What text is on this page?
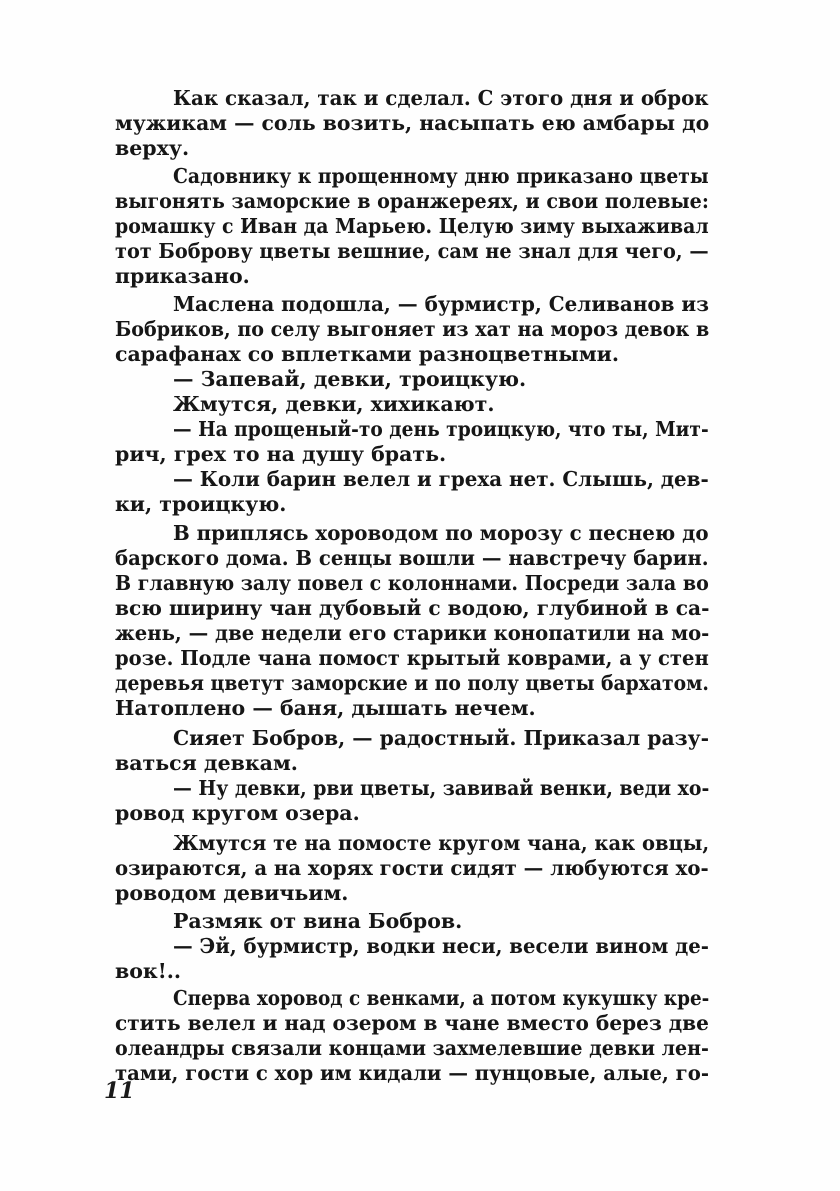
Как сказал, так и сделал. С этого дня и оброк
мужикам — соль возить, насыпать ею амбары до
верху.
Садовнику к прощенному дню приказано цветы
выгонять заморские в оранжереях, и свои полевые:
ромашку с Иван да Марьею. Целую зиму выхаживал
тот Боброву цветы вешние, сам не знал для чего, —
приказано.
Маслена подошла, — бурмистр, Селиванов из
Бобриков, по селу выгоняет из хат на мороз девок в
сарафанах со вплетками разноцветными.
— Запевай, девки, троицкую.
Жмутся, девки, хихикают.
— На прощеный-то день троицкую, что ты, Мит-
рич, грех то на душу брать.
— Коли барин велел и греха нет. Слышь, дев-
ки, троицкую.
В приплясь хороводом по морозу с песнею до
барского дома. В сенцы вошли — навстречу барин.
В главную залу повел с колоннами. Посреди зала во
всю ширину чан дубовый с водою, глубиной в са-
жень, — две недели его старики конопатили на мо-
розе. Подле чана помост крытый коврами, а у стен
деревья цветут заморские и по полу цветы бархатом.
Натоплено — баня, дышать нечем.
Сияет Бобров, — радостный. Приказал разу-
ваться девкам.
— Ну девки, рви цветы, завивай венки, веди хо-
ровод кругом озера.
Жмутся те на помосте кругом чана, как овцы,
озираются, а на хорях гости сидят — любуются хо-
роводом девичьим.
Размяк от вина Бобров.
— Эй, бурмистр, водки неси, весели вином де-
вок!..
Сперва хоровод с венками, а потом кукушку кре-
стить велел и над озером в чане вместо берез две
олеандры связали концами захмелевшие девки лен-
тами, гости с хор им кидали — пунцовые, алые, го-
11
